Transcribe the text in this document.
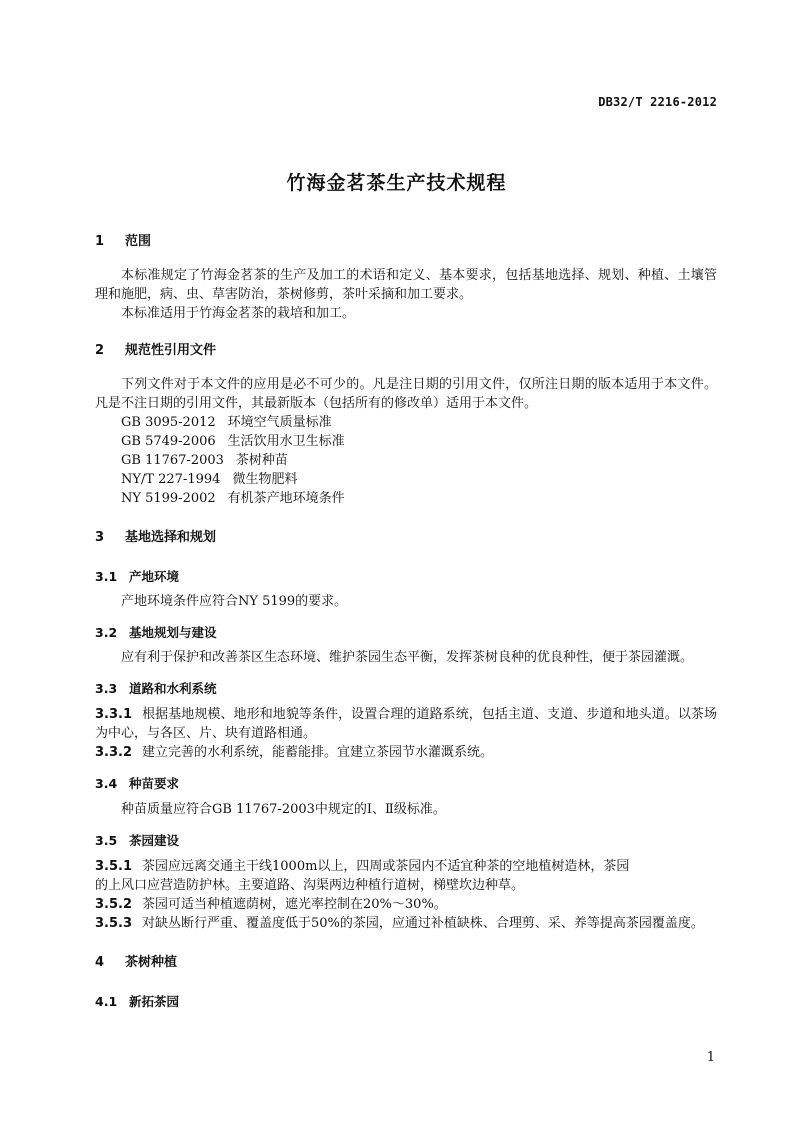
DB32/T 2216-2012
竹海金茗茶生产技术规程
1 范围

本标准规定了竹海金茗茶的生产及加工的术语和定义、基本要求，包括基地选择、规划、种植、土壤管理和施肥，病、虫、草害防治，茶树修剪，茶叶采摘和加工要求。

本标准适用于竹海金茗茶的栽培和加工。

2 规范性引用文件

下列文件对于本文件的应用是必不可少的。凡是注日期的引用文件，仅所注日期的版本适用于本文件。凡是不注日期的引用文件，其最新版本（包括所有的修改单）适用于本文件。

GB 3095-2012 环境空气质量标准

GB 5749-2006 生活饮用水卫生标准

GB 11767-2003 茶树种苗

NY/T 227-1994 微生物肥料

NY 5199-2002 有机茶产地环境条件

3 基地选择和规划
3.1 产地环境

产地环境条件应符合NY 5199的要求。

3.2 基地规划与建设

应有利于保护和改善茶区生态环境、维护茶园生态平衡，发挥茶树良种的优良种性，便于茶园灌溉。

3.3 道路和水利系统

3.3.1 根据基地规模、地形和地貌等条件，设置合理的道路系统，包括主道、支道、步道和地头道。以茶场为中心，与各区、片、块有道路相通。

3.3.2 建立完善的水利系统，能蓄能排。宜建立茶园节水灌溉系统。

3.4 种苗要求

种苗质量应符合GB 11767-2003中规定的Ⅰ、Ⅱ级标准。

3.5 茶园建设

3.5.1 茶园应远离交通主干线1000m以上，四周或茶园内不适宜种茶的空地植树造林，茶园

的上风口应营造防护林。主要道路、沟渠两边种植行道树，梯壁坎边种草。

3.5.2 茶园可适当种植遮荫树，遮光率控制在20%～30%。

3.5.3 对缺丛断行严重、覆盖度低于50%的茶园，应通过补植缺株、合理剪、采、养等提高茶园覆盖度。

4 茶树种植
4.1 新拓茶园
1
